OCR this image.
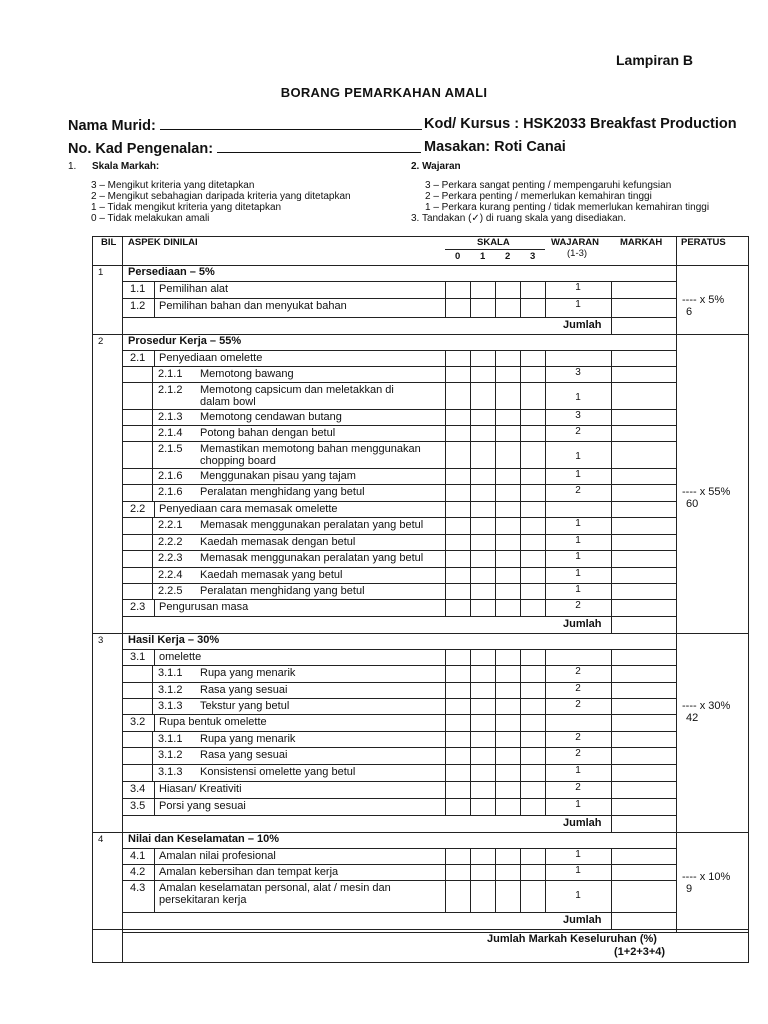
Lampiran B
BORANG PEMARKAHAN AMALI
Nama Murid:	Kod/ Kursus : HSK2033 Breakfast Production
No. Kad Pengenalan:	Masakan: Roti Canai
1. Skala Markah:
3 – Mengikut kriteria yang ditetapkan
2 – Mengikut sebahagian daripada kriteria yang ditetapkan
1 – Tidak mengikut kriteria yang ditetapkan
0 – Tidak melakukan amali
2. Wajaran
3 – Perkara sangat penting / mempengaruhi kefungsian
2 – Perkara penting / memerlukan kemahiran tinggi
1 – Perkara kurang penting / tidak memerlukan kemahiran tinggi
3. Tandakan (✓) di ruang skala yang disediakan.
BIL ASPEK DINILAI	SKALA
0 1 2 3
WAJARAN
(1-3)
MARKAH PERATUS
1 Persediaan – 5%
1.1 Pemilihan alat	1
1.2 Pemilihan bahan dan menyukat bahan	1
Jumlah
---- x 5%
6
2 Prosedur Kerja – 55%
2.1 Penyediaan omelette
2.1.1 Memotong bawang	3
2.1.2 Memotong capsicum dan meletakkan di
dalam bowl	1
2.1.3 Memotong cendawan butang	3
2.1.4 Potong bahan dengan betul	2
2.1.5 Memastikan memotong bahan menggunakan
chopping board	1
2.1.6 Menggunakan pisau yang tajam	1
2.1.6 Peralatan menghidang yang betul	2
2.2 Penyediaan cara memasak omelette
2.2.1 Memasak menggunakan peralatan yang betul	1
2.2.2 Kaedah memasak dengan betul	1
2.2.3 Memasak menggunakan peralatan yang betul	1
2.2.4 Kaedah memasak yang betul	1
2.2.5 Peralatan menghidang yang betul	1
2.3 Pengurusan masa	2
Jumlah
---- x 55%
60
3 Hasil Kerja – 30%
3.1 omelette
3.1.1 Rupa yang menarik	2
3.1.2 Rasa yang sesuai	2
3.1.3 Tekstur yang betul	2
3.2 Rupa bentuk omelette
3.1.1 Rupa yang menarik	2
3.1.2 Rasa yang sesuai	2
3.1.3 Konsistensi omelette yang betul	1
3.4 Hiasan/ Kreativiti	2
3.5 Porsi yang sesuai	1
Jumlah
---- x 30%
42
4 Nilai dan Keselamatan – 10%
4.1 Amalan nilai profesional	1
4.2 Amalan kebersihan dan tempat kerja	1
4.3 Amalan keselamatan personal, alat / mesin dan
persekitaran kerja	1
Jumlah
---- x 10%
9
Jumlah Markah Keseluruhan (%)
(1+2+3+4)
